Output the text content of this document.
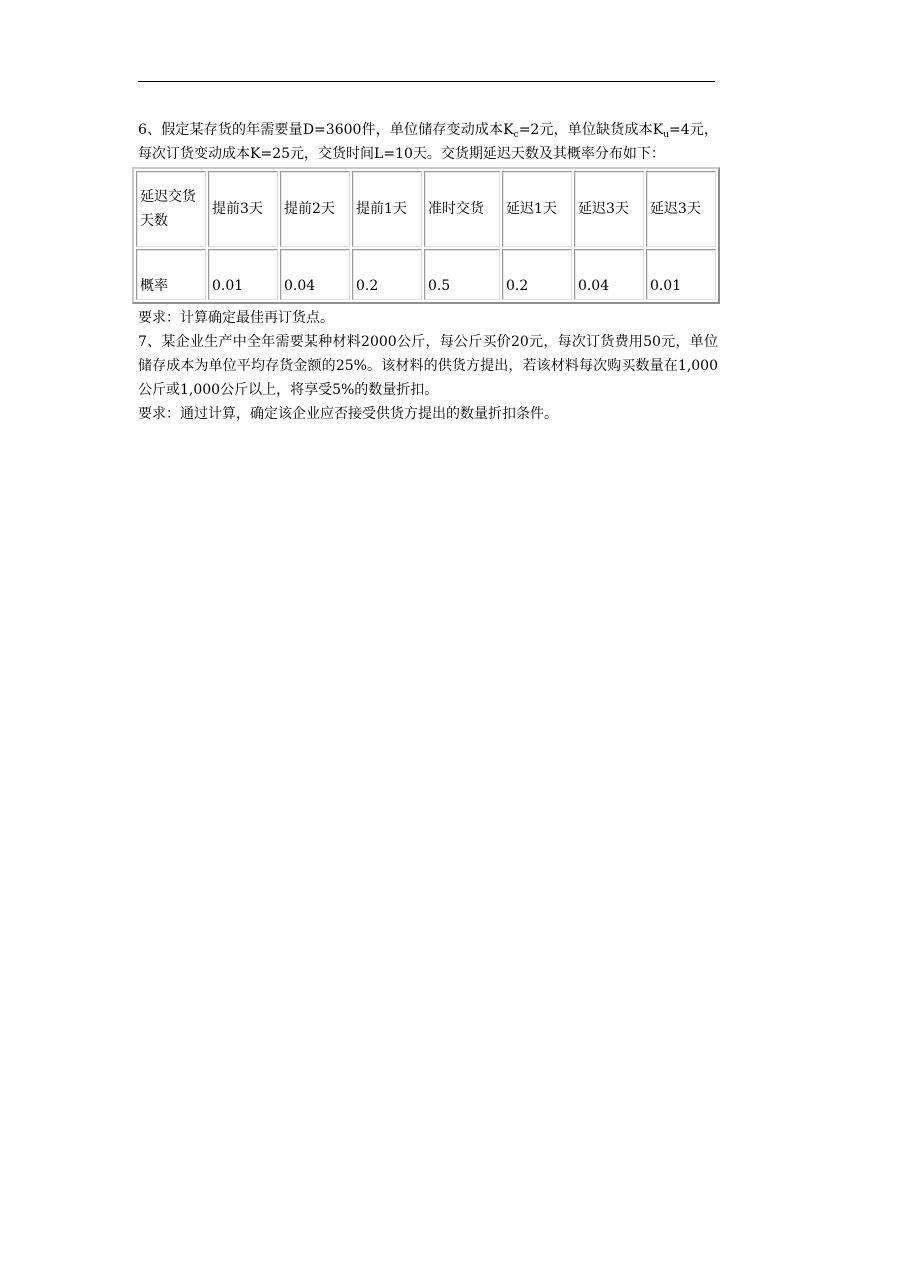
6、假定某存货的年需要量D=3600件，单位储存变动成本$K_c=2$元，单位缺货成本$K_u=4$元，每次订货变动成本K=25元，交货时间L=10天。交货期延迟天数及其概率分布如下：

延迟交货天数	提前3天	提前2天	提前1天	准时交货	延迟1天	延迟3天	延迟3天
概率	0.01	0.04	0.2	0.5	0.2	0.04	0.01

要求：计算确定最佳再订货点。

7、某企业生产中全年需要某种材料2000公斤，每公斤买价20元，每次订货费用50元，单位储存成本为单位平均存货金额的25%。该材料的供货方提出，若该材料每次购买数量在1,000公斤或1,000公斤以上，将享受5%的数量折扣。

要求：通过计算，确定该企业应否接受供货方提出的数量折扣条件。
